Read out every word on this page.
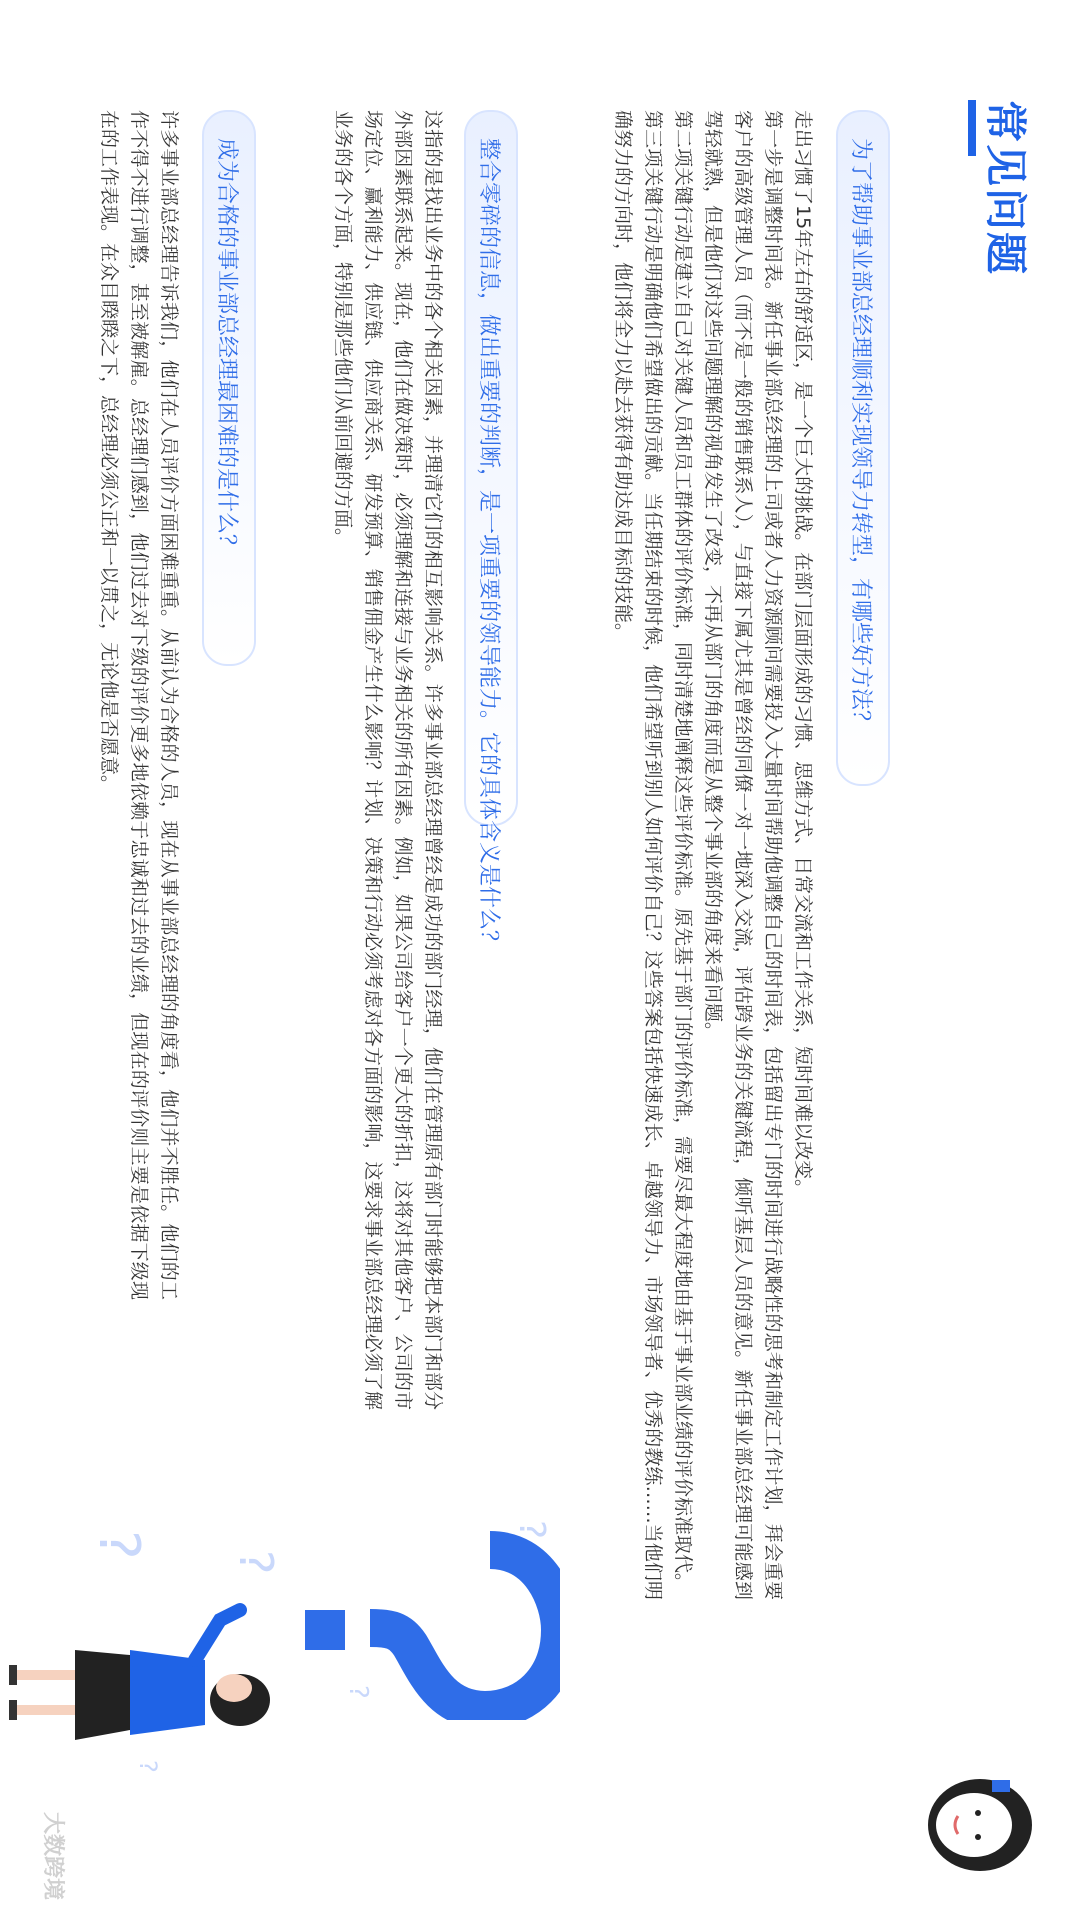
常见问题
为了帮助事业部总经理顺利实现领导力转型，有哪些好方法？

走出习惯了15年左右的舒适区，是一个巨大的挑战。在部门层面形成的习惯、思维方式、日常交流和工作关系，短时间难以改变。

第一步是调整时间表。新任事业部总经理的上司或者人力资源顾问需要投入大量时间帮助他调整自己的时间表，包括留出专门的时间进行战略性的思考和制定工作计划，拜会重要客户的高级管理人员（而不是一般的销售联系人），与直接下属尤其是曾经的同僚一对一地深入交流，评估跨业务的关键流程，倾听基层人员的意见。新任事业部总经理可能感到驾轻就熟，但是他们对这些问题理解的视角发生了改变，不再从部门的角度而是从整个事业部的角度来看问题。

第二项关键行动是建立自己对关键人员和员工群体的评价标准，同时清楚地阐释这些评价标准。原先基于部门的评价标准，需要尽最大程度地由基于事业部业绩的评价标准取代。

第三项关键行动是明确他们希望做出的贡献。当任期结束的时候，他们希望听到别人如何评价自己？这些答案包括快速成长、卓越领导力、市场领导者、优秀的教练……当他们明确努力的方向时，他们将全力以赴去获得有助达成目标的技能。

整合零碎的信息，做出重要的判断，是一项重要的领导能力。它的具体含义是什么？

这指的是找出业务中的各个相关因素，并理清它们的相互影响关系。许多事业部总经理曾经是成功的部门经理，他们在管理原有部门时能够把本部门和部分外部因素联系起来。现在，他们在做决策时，必须理解和连接与业务相关的所有因素。例如，如果公司给客户一个更大的折扣，这将对其他客户、公司的市场定位、赢利能力、供应链、供应商关系、研发预算、销售佣金产生什么影响？计划、决策和行动必须考虑对各方面的影响，这要求事业部总经理必须了解业务的各个方面，特别是那些他们从前回避的方面。

成为合格的事业部总经理最困难的是什么？

许多事业部总经理告诉我们，他们在人员评价方面困难重重。从前认为合格的人员，现在从事业部总经理的角度看，他们并不胜任。他们的工作不得不进行调整，甚至被解雇。总经理们感到，他们过去对下级的评价更多地依赖于忠诚和过去的业绩，但现在的评价则主要是依据下级现在的工作表现。在众目睽睽之下，总经理必须公正和一以贯之，无论他是否愿意。

?
?
?
?
?
大数跨境
